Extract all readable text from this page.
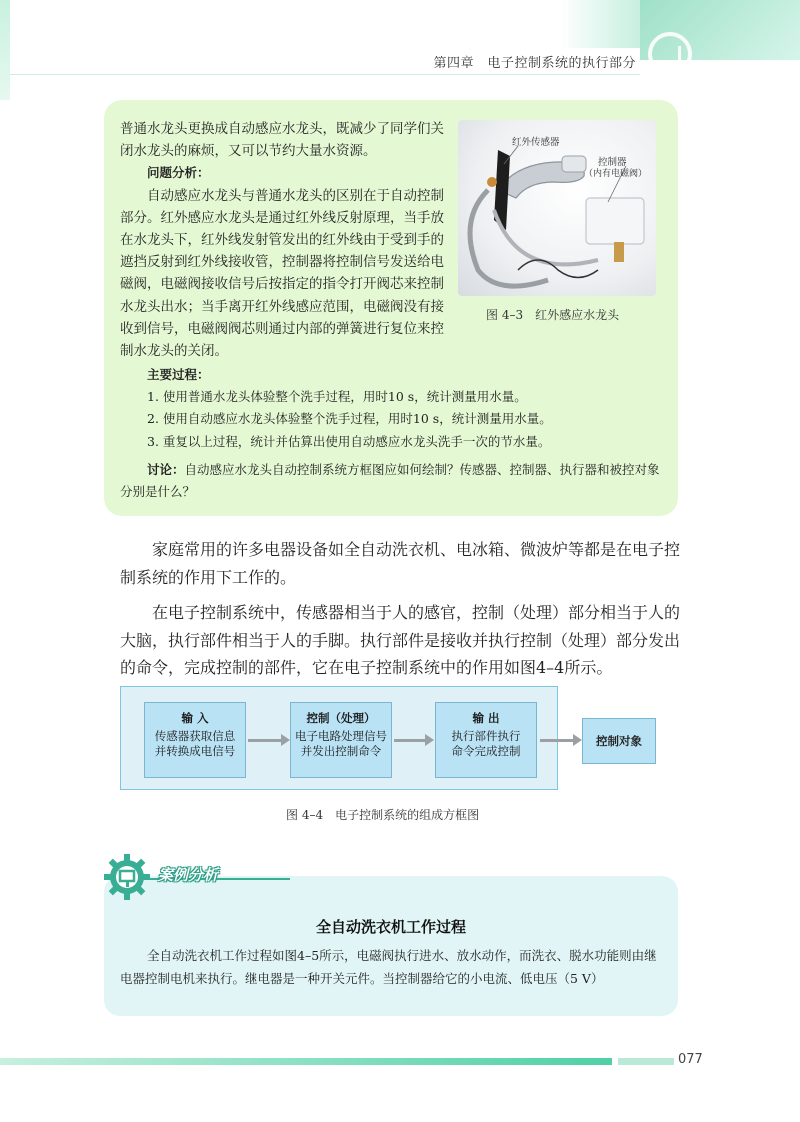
第四章　电子控制系统的执行部分

普通水龙头更换成自动感应水龙头，既减少了同学们关闭水龙头的麻烦，又可以节约大量水资源。

问题分析：

自动感应水龙头与普通水龙头的区别在于自动控制部分。红外感应水龙头是通过红外线反射原理，当手放在水龙头下，红外线发射管发出的红外线由于受到手的遮挡反射到红外线接收管，控制器将控制信号发送给电磁阀，电磁阀接收信号后按指定的指令打开阀芯来控制水龙头出水；当手离开红外线感应范围，电磁阀没有接收到信号，电磁阀阀芯则通过内部的弹簧进行复位来控制水龙头的关闭。

主要过程：

1. 使用普通水龙头体验整个洗手过程，用时10 s，统计测量用水量。

2. 使用自动感应水龙头体验整个洗手过程，用时10 s，统计测量用水量。

3. 重复以上过程，统计并估算出使用自动感应水龙头洗手一次的节水量。

讨论：自动感应水龙头自动控制系统方框图应如何绘制？传感器、控制器、执行器和被控对象分别是什么？

红外传感器
控制器
（内有电磁阀）
图 4–3　红外感应水龙头

家庭常用的许多电器设备如全自动洗衣机、电冰箱、微波炉等都是在电子控制系统的作用下工作的。

在电子控制系统中，传感器相当于人的感官，控制（处理）部分相当于人的大脑，执行部件相当于人的手脚。执行部件是接收并执行控制（处理）部分发出的命令，完成控制的部件，它在电子控制系统中的作用如图4–4所示。

输 入
传感器获取信息
并转换成电信号
控制（处理）
电子电路处理信号
并发出控制命令
输 出
执行部件执行
命令完成控制
控制对象
图 4–4　电子控制系统的组成方框图
案例分析
全自动洗衣机工作过程

全自动洗衣机工作过程如图4–5所示，电磁阀执行进水、放水动作，而洗衣、脱水功能则由继电器控制电机来执行。继电器是一种开关元件。当控制器给它的小电流、低电压（5 V）

077
